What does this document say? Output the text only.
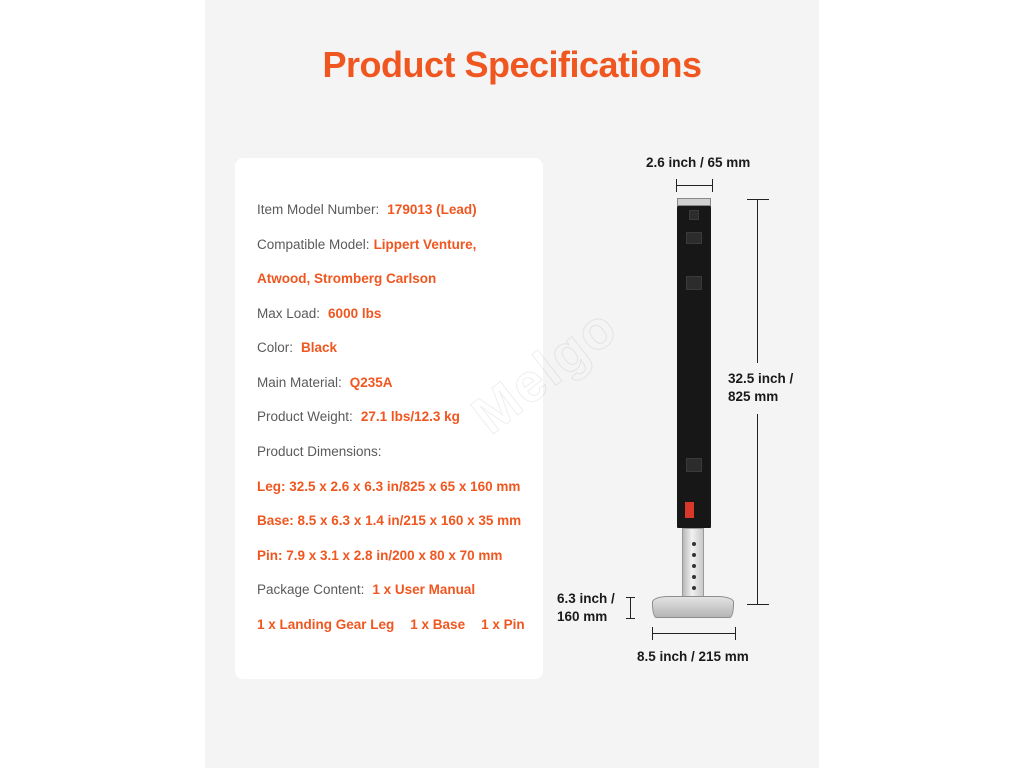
Product Specifications
Item Model Number: 179013 (Lead)
Compatible Model: Lippert Venture,
Atwood, Stromberg Carlson
Max Load: 6000 lbs
Color: Black
Main Material: Q235A
Product Weight: 27.1 lbs/12.3 kg
Product Dimensions:
Leg: 32.5 x 2.6 x 6.3 in/825 x 65 x 160 mm
Base: 8.5 x 6.3 x 1.4 in/215 x 160 x 35 mm
Pin: 7.9 x 3.1 x 2.8 in/200 x 80 x 70 mm
Package Content: 1 x User Manual
1 x Landing Gear Leg 1 x Base 1 x Pin
Melgo
2.6 inch / 65 mm
32.5 inch /
825 mm
6.3 inch /
160 mm
8.5 inch / 215 mm
